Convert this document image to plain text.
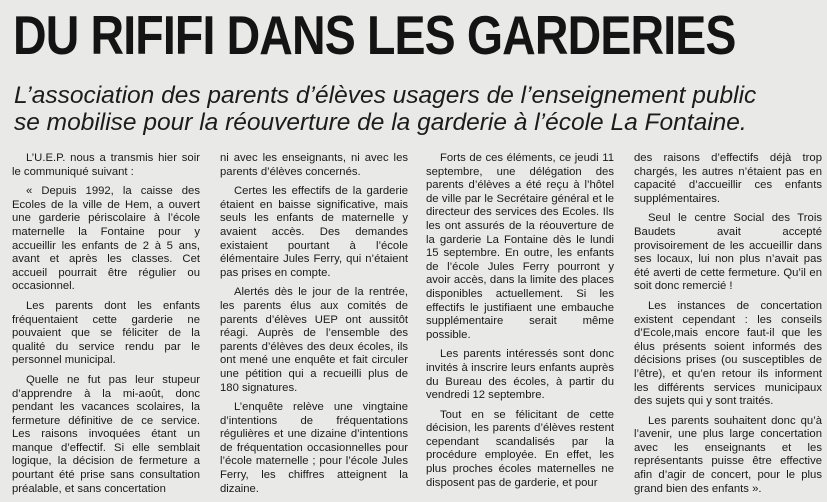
DU RIFIFI DANS LES GARDERIES
L’association des parents d’élèves usagers de l’enseignement public
se mobilise pour la réouverture de la garderie à l’école La Fontaine.

L’U.E.P. nous a transmis hier soir le communiqué suivant :

« Depuis 1992, la caisse des Ecoles de la ville de Hem, a ouvert une garderie périscolaire à l’école maternelle la Fontaine pour y accueillir les enfants de 2 à 5 ans, avant et après les classes. Cet accueil pourrait être régulier ou occasionnel.

Les parents dont les enfants fréquentaient cette garderie ne pouvaient que se féliciter de la qualité du service rendu par le personnel municipal.

Quelle ne fut pas leur stupeur d’apprendre à la mi-août, donc pendant les vacances scolaires, la fermeture définitive de ce service. Les raisons invoquées étant un manque d’effectif. Si elle semblait logique, la décision de fermeture a pourtant été prise sans consultation préalable, et sans concertation

ni avec les enseignants, ni avec les parents d’élèves concernés.

Certes les effectifs de la garderie étaient en baisse significative, mais seuls les enfants de maternelle y avaient accès. Des demandes existaient pourtant à l’école élémentaire Jules Ferry, qui n’étaient pas prises en compte.

Alertés dès le jour de la rentrée, les parents élus aux comités de parents d’élèves UEP ont aussitôt réagi. Auprès de l’ensemble des parents d’élèves des deux écoles, ils ont mené une enquête et fait circuler une pétition qui a recueilli plus de 180 signatures.

L’enquête relève une vingtaine d’intentions de fréquentations régulières et une dizaine d’intentions de fréquentation occasionnelles pour l’école maternelle ; pour l’école Jules Ferry, les chiffres atteignent la dizaine.

Forts de ces éléments, ce jeudi 11 septembre, une délégation des parents d’élèves a été reçu à l’hôtel de ville par le Secrétaire général et le directeur des services des Ecoles. Ils les ont assurés de la réouverture de la garderie La Fontaine dès le lundi 15 septembre. En outre, les enfants de l’école Jules Ferry pourront y avoir accès, dans la limite des places disponibles actuellement. Si les effectifs le justifiaent une embauche supplémentaire serait même possible.

Les parents intéressés sont donc invités à inscrire leurs enfants auprès du Bureau des écoles, à partir du vendredi 12 septembre.

Tout en se félicitant de cette décision, les parents d’élèves restent cependant scandalisés par la procédure employée. En effet, les plus proches écoles maternelles ne disposent pas de garderie, et pour

des raisons d’effectifs déjà trop chargés, les autres n’étaient pas en capacité d’accueillir ces enfants supplémentaires.

Seul le centre Social des Trois Baudets avait accepté provisoirement de les accueillir dans ses locaux, lui non plus n’avait pas été averti de cette fermeture. Qu’il en soit donc remercié !

Les instances de concertation existent cependant : les conseils d’Ecole,mais encore faut-il que les élus présents soient informés des décisions prises (ou susceptibles de l’être), et qu’en retour ils informent les différents services municipaux des sujets qui y sont traités.

Les parents souhaitent donc qu’à l’avenir, une plus large concertation avec les enseignants et les représentants puisse être effective afin d’agir de concert, pour le plus grand bien des enfants ».
